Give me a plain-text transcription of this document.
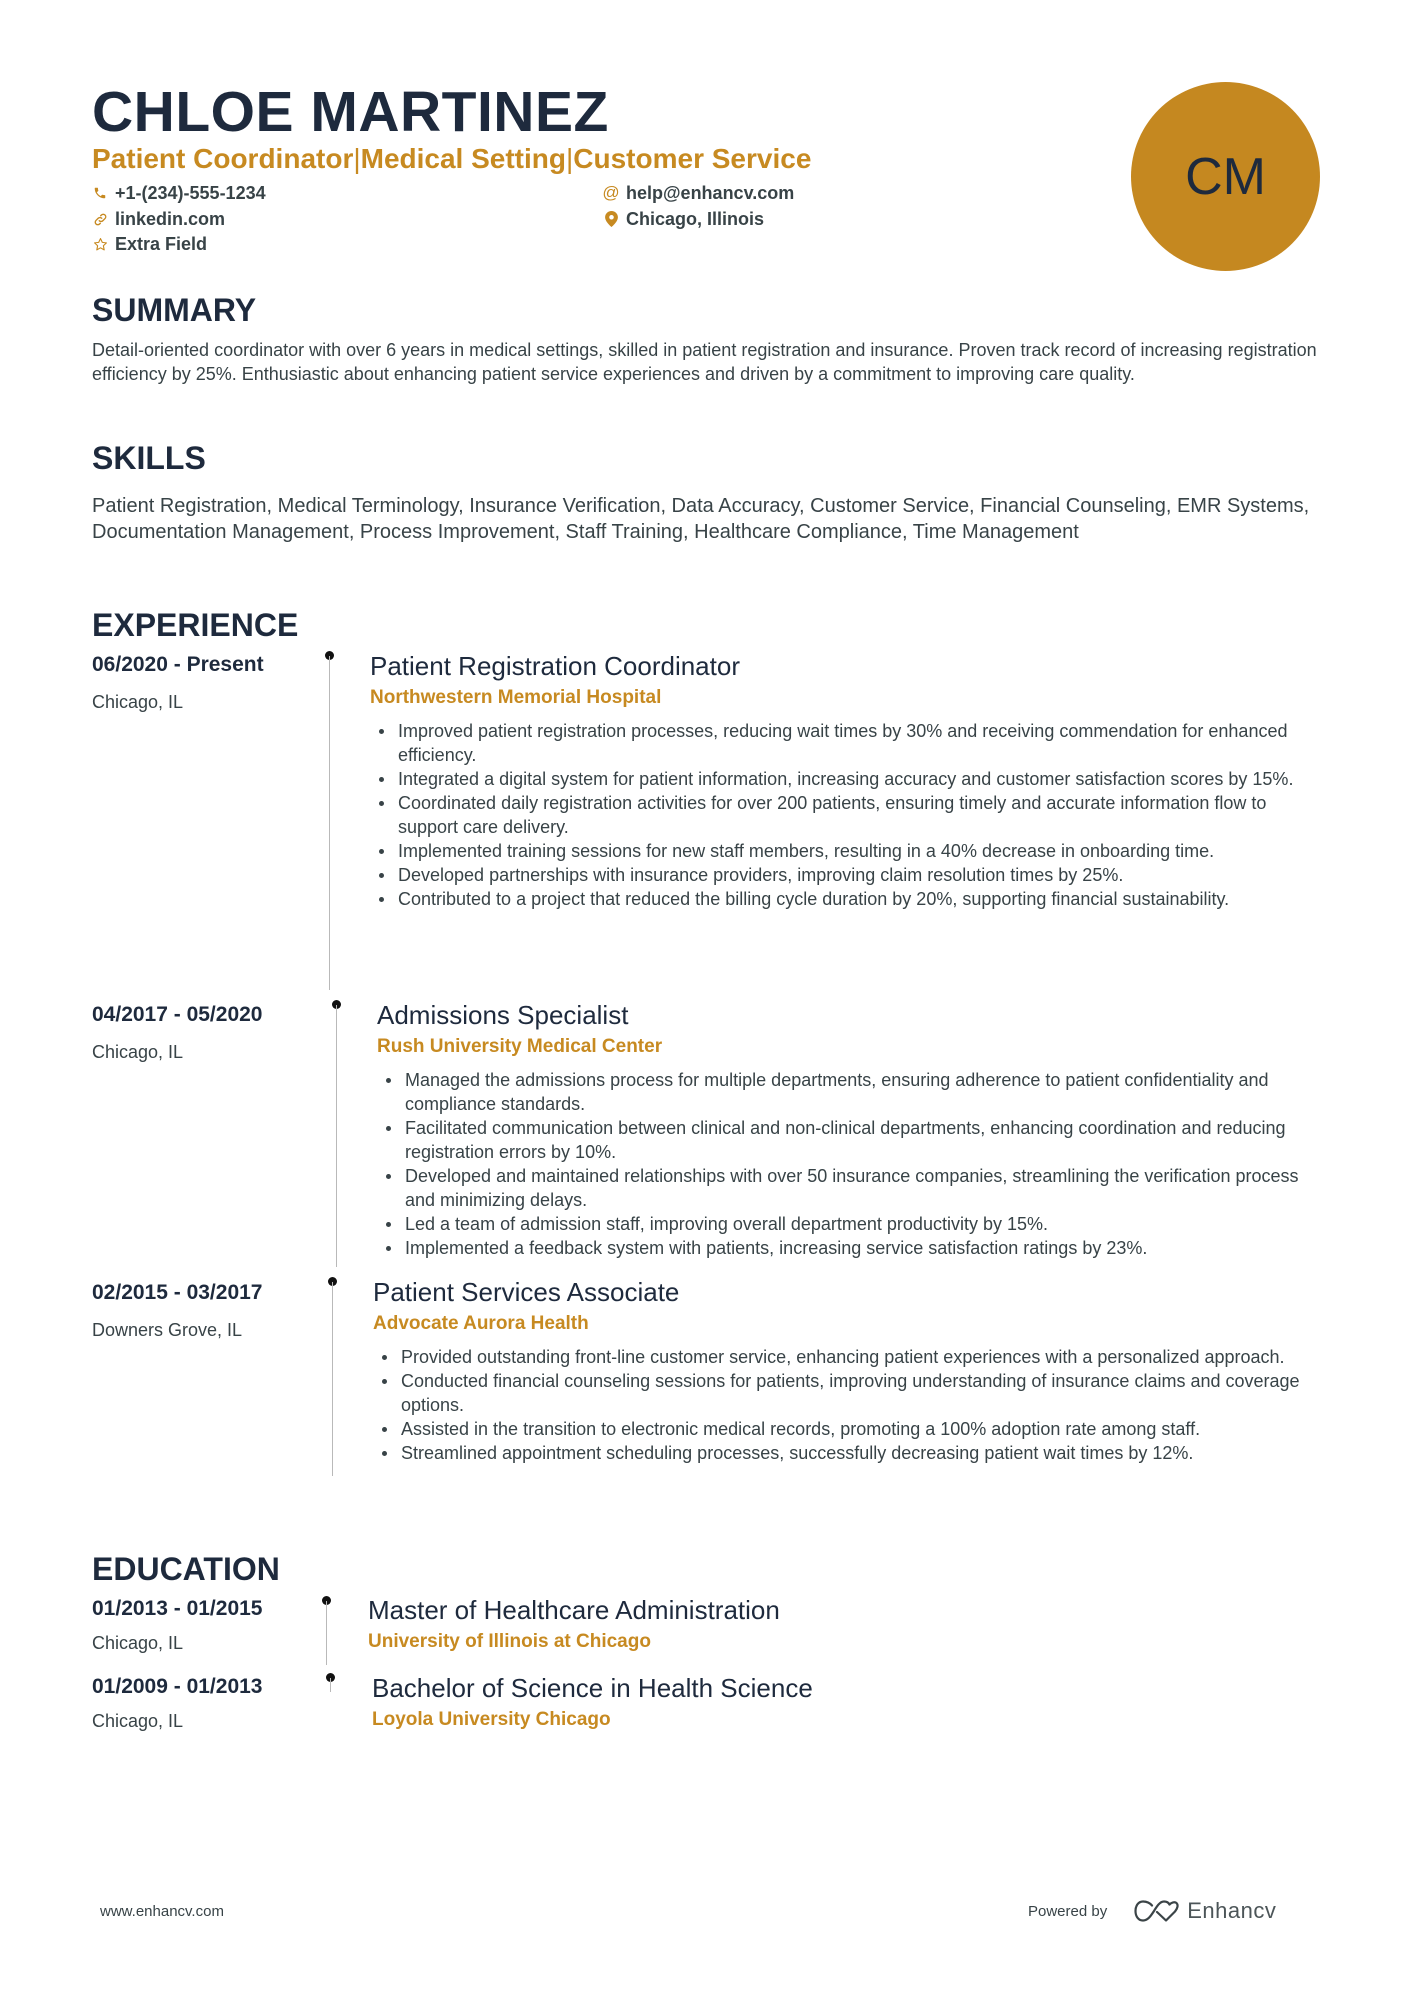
CHLOE MARTINEZ
Patient Coordinator|Medical Setting|Customer Service
+1-(234)-555-1234	@ help@enhancv.com
linkedin.com	Chicago, Illinois
Extra Field
CM
SUMMARY
Detail-oriented coordinator with over 6 years in medical settings, skilled in patient registration and insurance. Proven track record of increasing registration efficiency by 25%. Enthusiastic about enhancing patient service experiences and driven by a commitment to improving care quality.
SKILLS
Patient Registration, Medical Terminology, Insurance Verification, Data Accuracy, Customer Service, Financial Counseling, EMR Systems, Documentation Management, Process Improvement, Staff Training, Healthcare Compliance, Time Management
EXPERIENCE
06/2020 - Present
Chicago, IL
Patient Registration Coordinator
Northwestern Memorial Hospital
Improved patient registration processes, reducing wait times by 30% and receiving commendation for enhanced efficiency.
Integrated a digital system for patient information, increasing accuracy and customer satisfaction scores by 15%.
Coordinated daily registration activities for over 200 patients, ensuring timely and accurate information flow to support care delivery.
Implemented training sessions for new staff members, resulting in a 40% decrease in onboarding time.
Developed partnerships with insurance providers, improving claim resolution times by 25%.
Contributed to a project that reduced the billing cycle duration by 20%, supporting financial sustainability.
04/2017 - 05/2020
Chicago, IL
Admissions Specialist
Rush University Medical Center
Managed the admissions process for multiple departments, ensuring adherence to patient confidentiality and compliance standards.
Facilitated communication between clinical and non-clinical departments, enhancing coordination and reducing registration errors by 10%.
Developed and maintained relationships with over 50 insurance companies, streamlining the verification process and minimizing delays.
Led a team of admission staff, improving overall department productivity by 15%.
Implemented a feedback system with patients, increasing service satisfaction ratings by 23%.
02/2015 - 03/2017
Downers Grove, IL
Patient Services Associate
Advocate Aurora Health
Provided outstanding front-line customer service, enhancing patient experiences with a personalized approach.
Conducted financial counseling sessions for patients, improving understanding of insurance claims and coverage options.
Assisted in the transition to electronic medical records, promoting a 100% adoption rate among staff.
Streamlined appointment scheduling processes, successfully decreasing patient wait times by 12%.
EDUCATION
01/2013 - 01/2015
Chicago, IL
Master of Healthcare Administration
University of Illinois at Chicago
01/2009 - 01/2013
Chicago, IL
Bachelor of Science in Health Science
Loyola University Chicago
www.enhancv.com	Powered by	Enhancv
